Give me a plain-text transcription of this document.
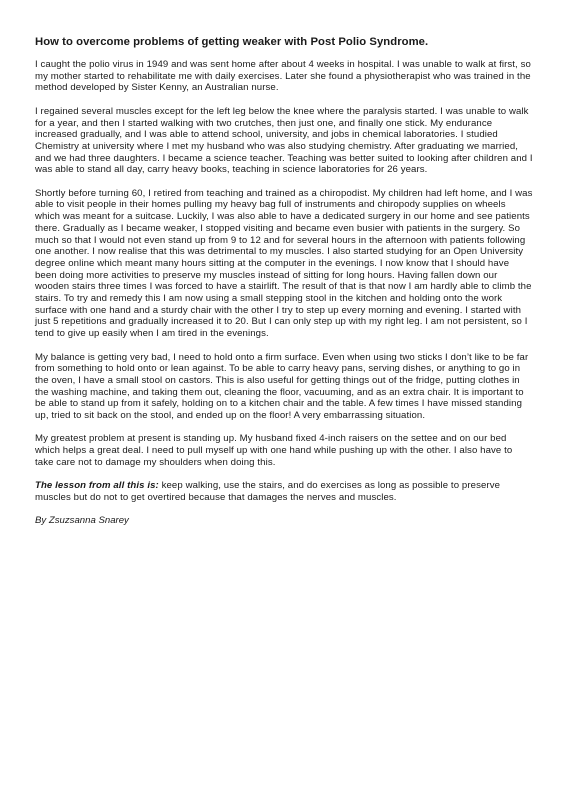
How to overcome problems of getting weaker with Post Polio Syndrome.

I caught the polio virus in 1949 and was sent home after about 4 weeks in hospital. I was unable to walk at first, so my mother started to rehabilitate me with daily exercises. Later she found a physiotherapist who was trained in the method developed by Sister Kenny, an Australian nurse.

I regained several muscles except for the left leg below the knee where the paralysis started. I was unable to walk for a year, and then I started walking with two crutches, then just one, and finally one stick. My endurance increased gradually, and I was able to attend school, university, and jobs in chemical laboratories. I studied Chemistry at university where I met my husband who was also studying chemistry. After graduating we married, and we had three daughters. I became a science teacher. Teaching was better suited to looking after children and I was able to stand all day, carry heavy books, teaching in science laboratories for 26 years.

Shortly before turning 60, I retired from teaching and trained as a chiropodist. My children had left home, and I was able to visit people in their homes pulling my heavy bag full of instruments and chiropody supplies on wheels which was meant for a suitcase. Luckily, I was also able to have a dedicated surgery in our home and see patients there. Gradually as I became weaker, I stopped visiting and became even busier with patients in the surgery. So much so that I would not even stand up from 9 to 12 and for several hours in the afternoon with patients following one another. I now realise that this was detrimental to my muscles. I also started studying for an Open University degree online which meant many hours sitting at the computer in the evenings. I now know that I should have been doing more activities to preserve my muscles instead of sitting for long hours. Having fallen down our wooden stairs three times I was forced to have a stairlift. The result of that is that now I am hardly able to climb the stairs. To try and remedy this I am now using a small stepping stool in the kitchen and holding onto the work surface with one hand and a sturdy chair with the other I try to step up every morning and evening. I started with just 5 repetitions and gradually increased it to 20. But I can only step up with my right leg. I am not persistent, so I tend to give up easily when I am tired in the evenings.

My balance is getting very bad, I need to hold onto a firm surface. Even when using two sticks I don’t like to be far from something to hold onto or lean against. To be able to carry heavy pans, serving dishes, or anything to go in the oven, I have a small stool on castors. This is also useful for getting things out of the fridge, putting clothes in the washing machine, and taking them out, cleaning the floor, vacuuming, and as an extra chair. It is important to be able to stand up from it safely, holding on to a kitchen chair and the table. A few times I have missed standing up, tried to sit back on the stool, and ended up on the floor! A very embarrassing situation.

My greatest problem at present is standing up. My husband fixed 4-inch raisers on the settee and on our bed which helps a great deal. I need to pull myself up with one hand while pushing up with the other. I also have to take care not to damage my shoulders when doing this.

The lesson from all this is: keep walking, use the stairs, and do exercises as long as possible to preserve muscles but do not to get overtired because that damages the nerves and muscles.

By Zsuzsanna Snarey
